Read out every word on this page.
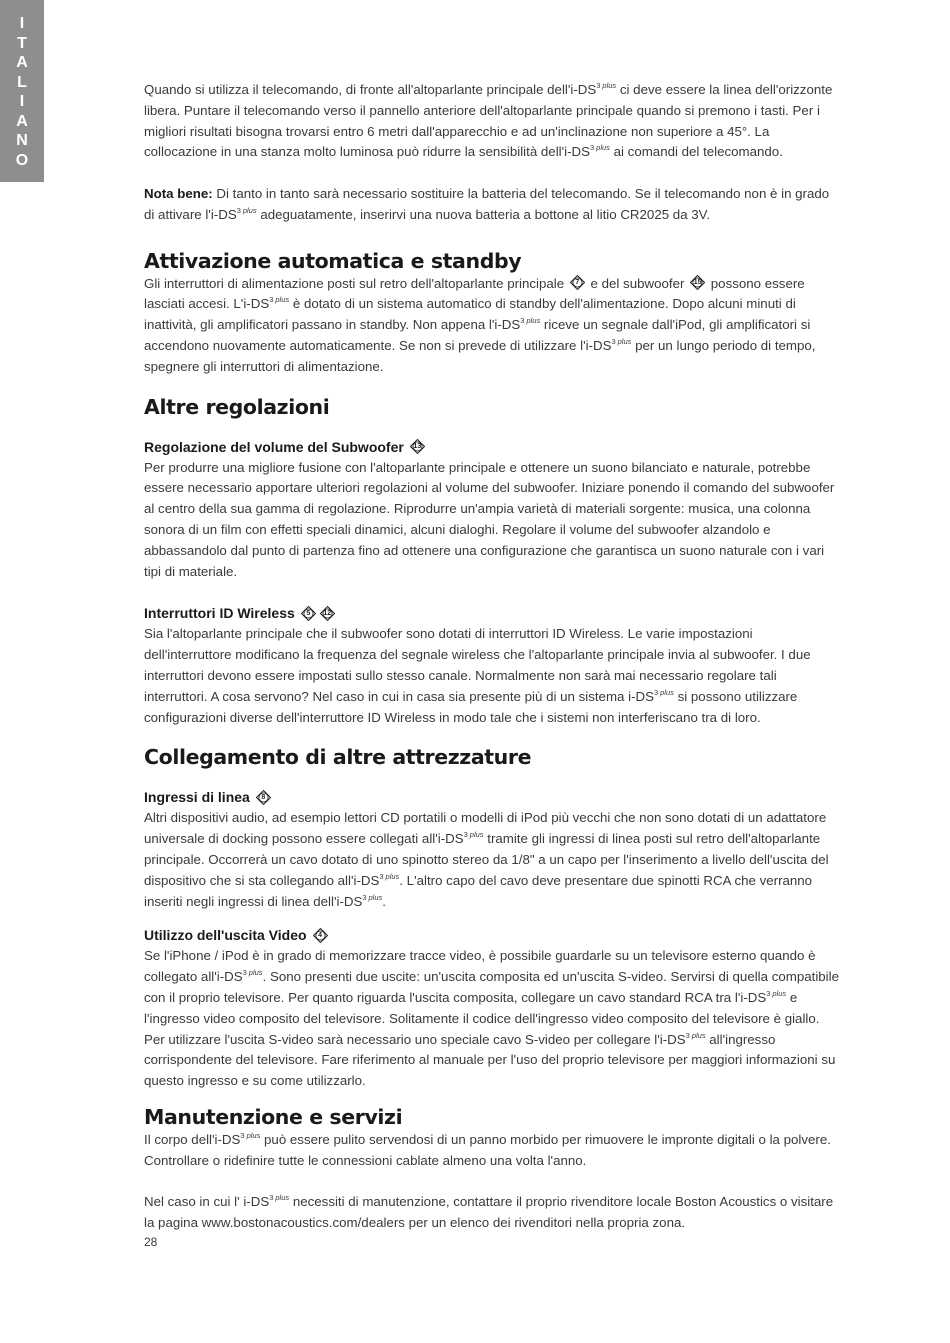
I
T
A
L
I
A
N
O

Quando si utilizza il telecomando, di fronte all'altoparlante principale $dell'i-DS^{3 plus}$ ci deve essere la linea dell'orizzonte libera. Puntare il telecomando verso il pannello anteriore dell'altoparlante principale quando si premono i tasti. Per i migliori risultati bisogna trovarsi entro 6 metri dall'apparecchio e ad un'inclinazione non superiore a 45°. La collocazione in una stanza molto luminosa può ridurre la sensibilità $dell'i-DS^{3 plus}$ ai comandi del telecomando.

Nota bene: Di tanto in tanto sarà necessario sostituire la batteria del telecomando. Se il telecomando non è in grado di attivare $l'i-DS^{3 plus}$ adeguatamente, inserirvi una nuova batteria a bottone al litio CR2025 da 3V.

Attivazione automatica e standby

Gli interruttori di alimentazione posti sul retro dell'altoparlante principale	7 e del subwoofer 15 possono essere lasciati accesi. $L'i-DS^{3 plus}$ è dotato di un sistema automatico di standby dell'alimentazione. Dopo alcuni minuti di inattività, gli amplificatori passano in standby. Non appena $l'i-DS^{3 plus}$ riceve un segnale dall'iPod, gli amplificatori si accendono nuovamente automaticamente. Se non si prevede di utilizzare $l'i-DS^{3 plus}$ per un lungo periodo di tempo, spegnere gli interruttori di alimentazione.

Altre regolazioni
Regolazione del volume del Subwoofer	13

Per produrre una migliore fusione con l'altoparlante principale e ottenere un suono bilanciato e naturale, potrebbe essere necessario apportare ulteriori regolazioni al volume del subwoofer. Iniziare ponendo il comando del subwoofer al centro della sua gamma di regolazione. Riprodurre un'ampia varietà di materiali sorgente: musica, una colonna sonora di un film con effetti speciali dinamici, alcuni dialoghi. Regolare il volume del subwoofer alzandolo e abbassandolo dal punto di partenza fino ad ottenere una configurazione che garantisca un suono naturale con i vari tipi di materiale.

Interruttori ID Wireless	5	12

Sia l'altoparlante principale che il subwoofer sono dotati di interruttori ID Wireless. Le varie impostazioni dell'interruttore modificano la frequenza del segnale wireless che l'altoparlante principale invia al subwoofer. I due interruttori devono essere impostati sullo stesso canale. Normalmente non sarà mai necessario regolare tali interruttori. A cosa servono? Nel caso in cui in casa sia presente più di un sistema $i-DS^{3 plus}$ si possono utilizzare configurazioni diverse dell'interruttore ID Wireless in modo tale che i sistemi non interferiscano tra di loro.

Collegamento di altre attrezzature
Ingressi di linea	8

Altri dispositivi audio, ad esempio lettori CD portatili o modelli di iPod più vecchi che non sono dotati di un adattatore universale di docking possono essere collegati $all'i-DS^{3 plus}$ tramite gli ingressi di linea posti sul retro dell'altoparlante principale. Occorrerà un cavo dotato di uno spinotto stereo da 1/8" a un capo per l'inserimento a livello dell'uscita del dispositivo che si sta collegando $all'i-DS^{3 plus}$. L'altro capo del cavo deve presentare due spinotti RCA che verranno inseriti negli ingressi di linea $dell'i-DS^{3 plus}$.

Utilizzo dell'uscita Video	4

Se l'iPhone / iPod è in grado di memorizzare tracce video, è possibile guardarle su un televisore esterno quando è collegato $all'i-DS^{3 plus}$. Sono presenti due uscite: un'uscita composita ed un'uscita S-video. Servirsi di quella compatibile con il proprio televisore. Per quanto riguarda l'uscita composita, collegare un cavo standard RCA tra $l'i-DS^{3 plus}$ e l'ingresso video composito del televisore. Solitamente il codice dell'ingresso video composito del televisore è giallo. Per utilizzare l'uscita S-video sarà necessario uno speciale cavo S-video per collegare $l'i-DS^{3 plus}$ all'ingresso corrispondente del televisore. Fare riferimento al manuale per l'uso del proprio televisore per maggiori informazioni su questo ingresso e su come utilizzarlo.

Manutenzione e servizi

Il corpo $dell'i-DS^{3 plus}$ può essere pulito servendosi di un panno morbido per rimuovere le impronte digitali o la polvere. Controllare o ridefinire tutte le connessioni cablate almeno una volta l'anno.

Nel caso in cui l' $i-DS^{3 plus}$ necessiti di manutenzione, contattare il proprio rivenditore locale Boston Acoustics o visitare la pagina www.bostonacoustics.com/dealers per un elenco dei rivenditori nella propria zona.

28
